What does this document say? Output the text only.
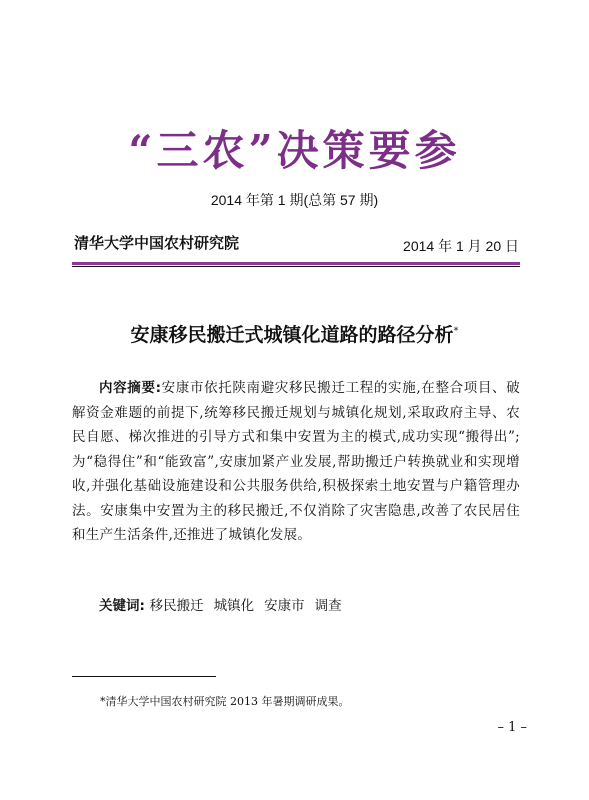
“三农”决策要参
2014 年第 1 期(总第 57 期)
清华大学中国农村研究院	2014 年 1 月 20 日
安康移民搬迁式城镇化道路的路径分析*
内容摘要:安康市依托陕南避灾移民搬迁工程的实施,在整合项目、破解资金难题的前提下,统筹移民搬迁规划与城镇化规划,采取政府主导、农民自愿、梯次推进的引导方式和集中安置为主的模式,成功实现“搬得出”;为“稳得住”和“能致富”,安康加紧产业发展,帮助搬迁户转换就业和实现增收,并强化基础设施建设和公共服务供给,积极探索土地安置与户籍管理办法。安康集中安置为主的移民搬迁,不仅消除了灾害隐患,改善了农民居住和生产生活条件,还推进了城镇化发展。
关键词: 移民搬迁 城镇化 安康市 调查
*清华大学中国农村研究院 2013 年暑期调研成果。
– 1 –
